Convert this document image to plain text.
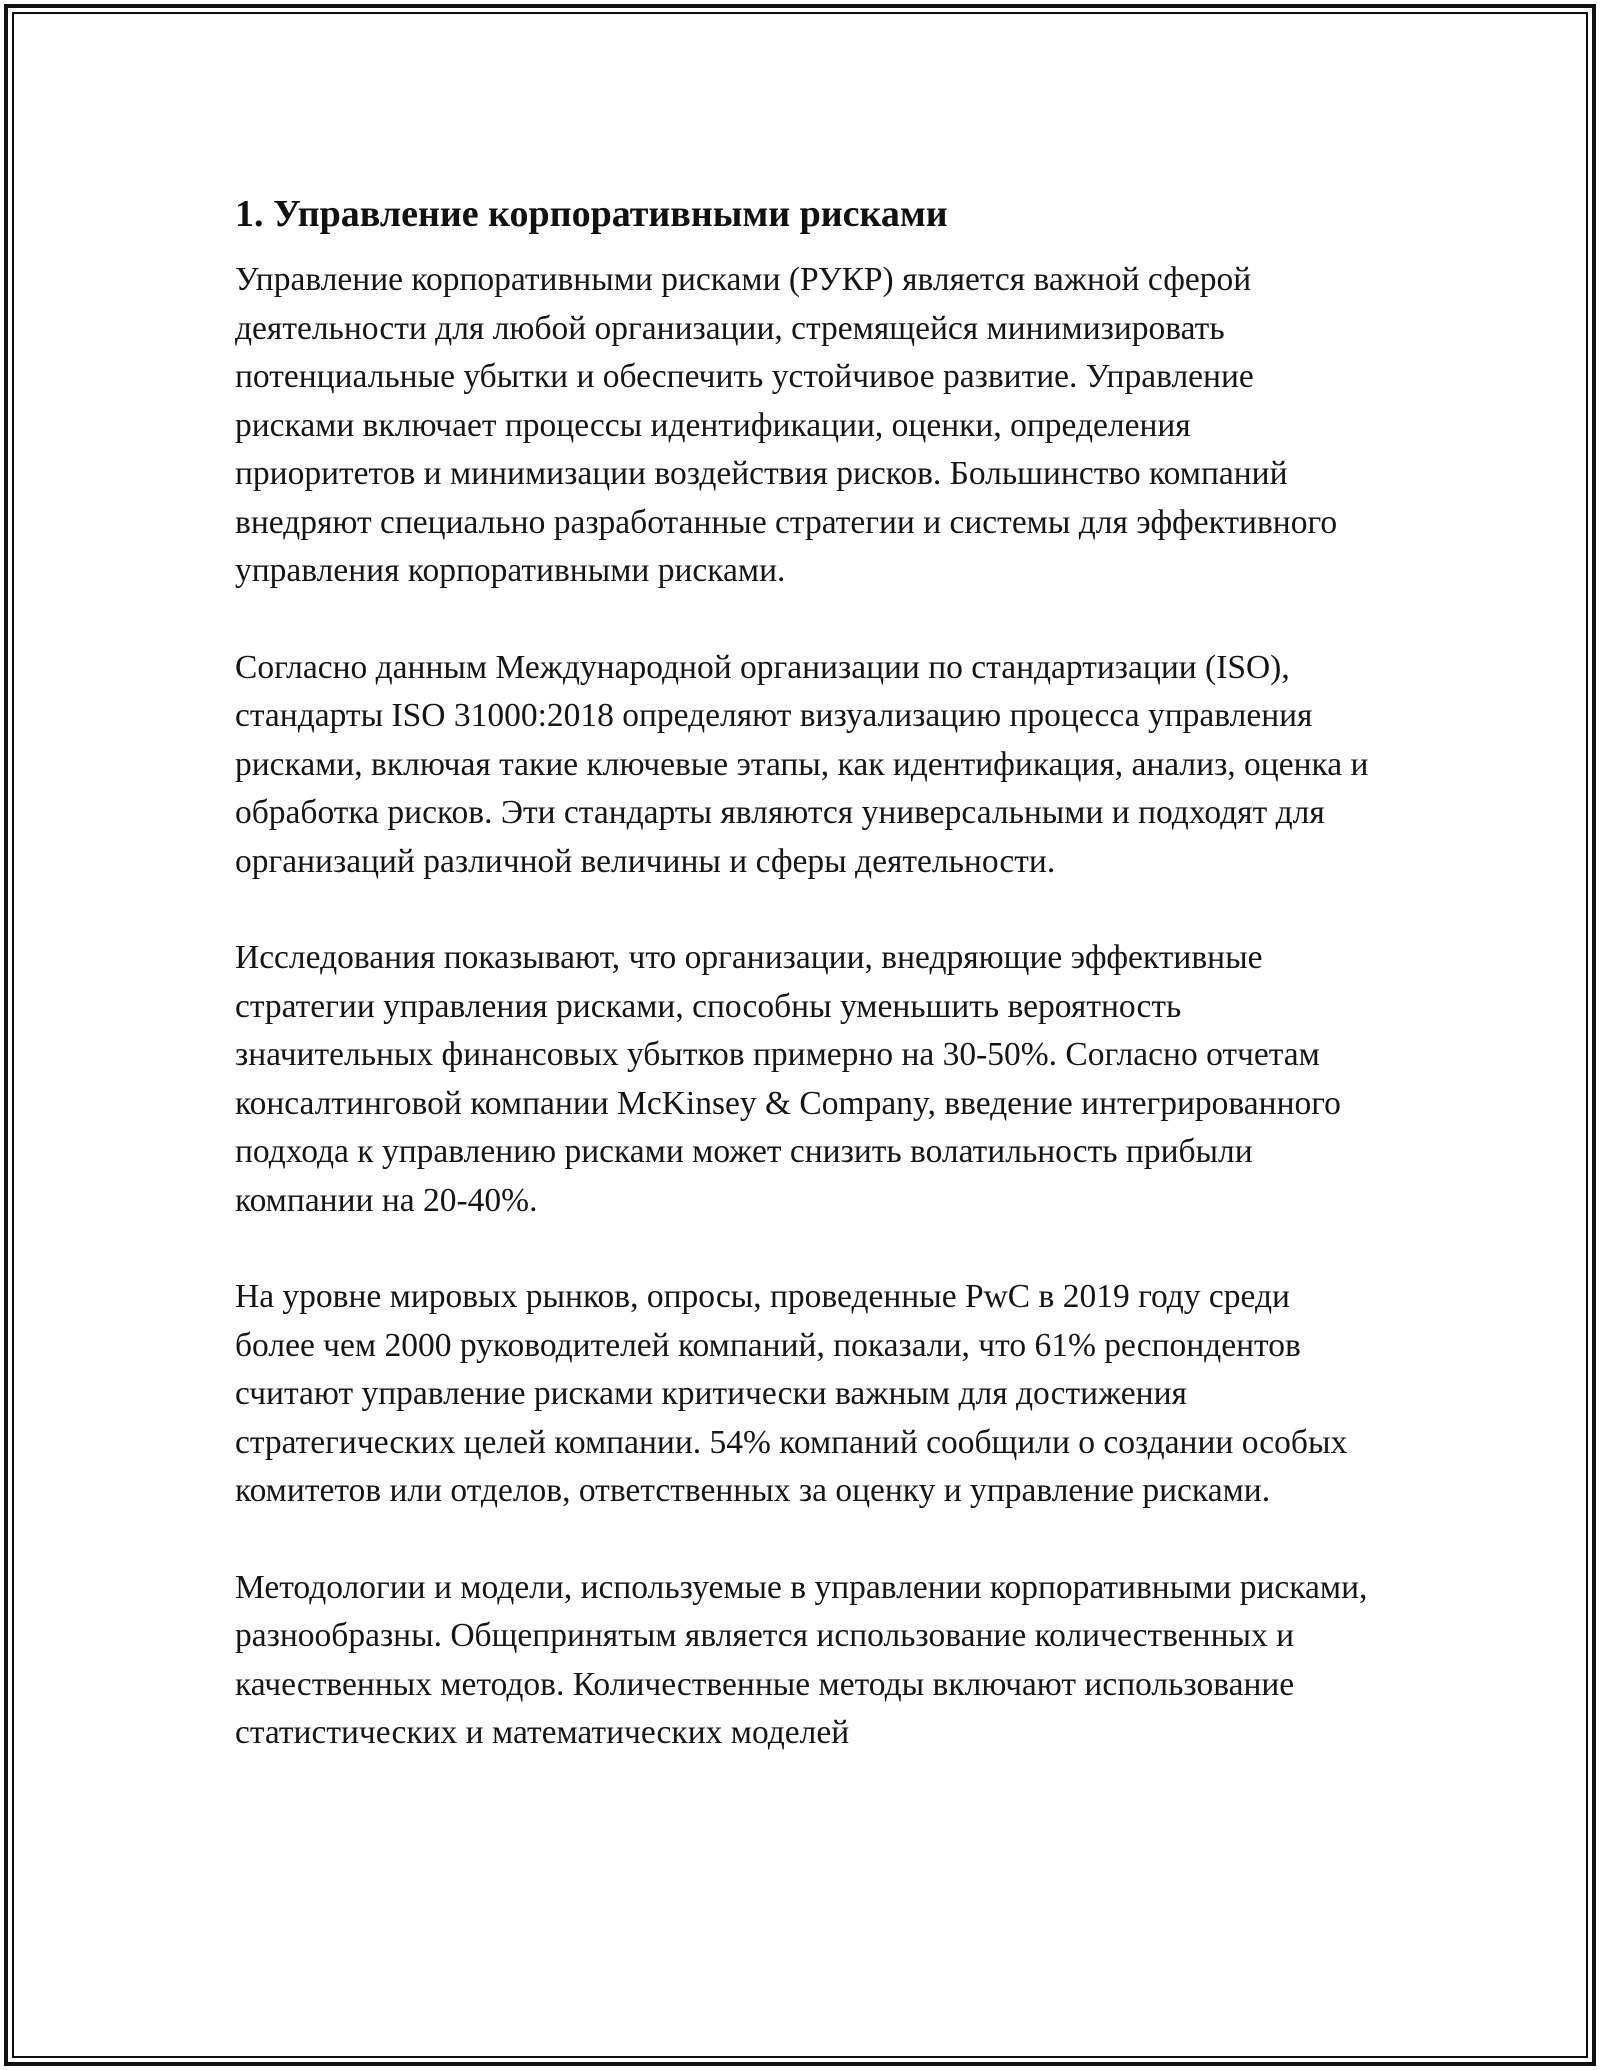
1. Управление корпоративными рисками

Управление корпоративными рисками (РУКР) является важной сферой деятельности для любой организации, стремящейся минимизировать потенциальные убытки и обеспечить устойчивое развитие. Управление рисками включает процессы идентификации, оценки, определения приоритетов и минимизации воздействия рисков. Большинство компаний внедряют специально разработанные стратегии и системы для эффективного управления корпоративными рисками.

Согласно данным Международной организации по стандартизации (ISO), стандарты ISO 31000:2018 определяют визуализацию процесса управления рисками, включая такие ключевые этапы, как идентификация, анализ, оценка и обработка рисков. Эти стандарты являются универсальными и подходят для организаций различной величины и сферы деятельности.

Исследования показывают, что организации, внедряющие эффективные стратегии управления рисками, способны уменьшить вероятность значительных финансовых убытков примерно на 30-50%. Согласно отчетам консалтинговой компании McKinsey & Company, введение интегрированного подхода к управлению рисками может снизить волатильность прибыли компании на 20-40%.

На уровне мировых рынков, опросы, проведенные PwC в 2019 году среди более чем 2000 руководителей компаний, показали, что 61% респондентов считают управление рисками критически важным для достижения стратегических целей компании. 54% компаний сообщили о создании особых комитетов или отделов, ответственных за оценку и управление рисками.

Методологии и модели, используемые в управлении корпоративными рисками, разнообразны. Общепринятым является использование количественных и качественных методов. Количественные методы включают использование статистических и математических моделей
